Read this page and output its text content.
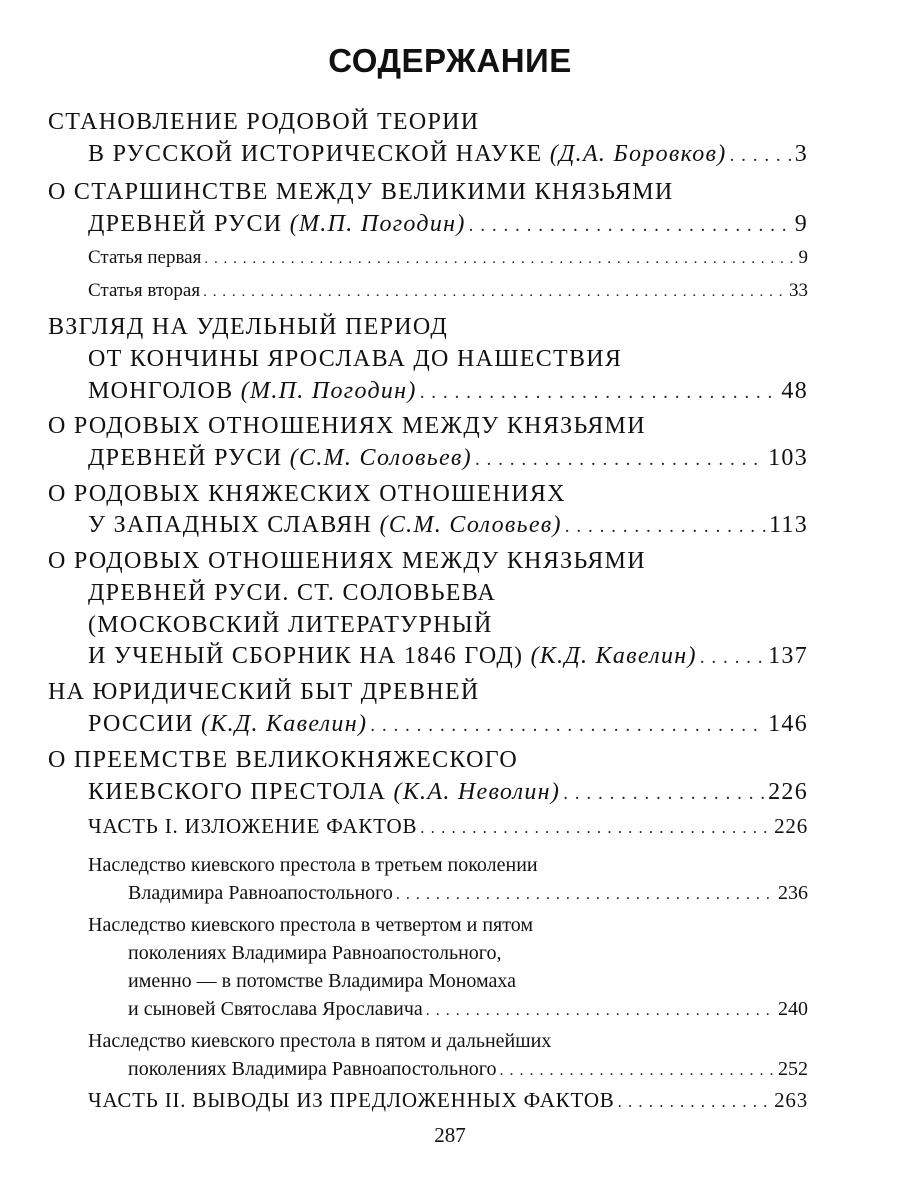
СОДЕРЖАНИЕ
СТАНОВЛЕНИЕ РОДОВОЙ ТЕОРИИ
В РУССКОЙ ИСТОРИЧЕСКОЙ НАУКЕ (Д.А. Боровков) . . .	3
О СТАРШИНСТВЕ МЕЖДУ ВЕЛИКИМИ КНЯЗЬЯМИ
ДРЕВНЕЙ РУСИ (М.П. Погодин) . . .	9
Статья первая . . .	9
Статья вторая . . .	33
ВЗГЛЯД НА УДЕЛЬНЫЙ ПЕРИОД
ОТ КОНЧИНЫ ЯРОСЛАВА ДО НАШЕСТВИЯ
МОНГОЛОВ (М.П. Погодин) . . .	48
О РОДОВЫХ ОТНОШЕНИЯХ МЕЖДУ КНЯЗЬЯМИ
ДРЕВНЕЙ РУСИ (С.М. Соловьев) . . .	103
О РОДОВЫХ КНЯЖЕСКИХ ОТНОШЕНИЯХ
У ЗАПАДНЫХ СЛАВЯН (С.М. Соловьев) . . .	113
О РОДОВЫХ ОТНОШЕНИЯХ МЕЖДУ КНЯЗЬЯМИ
ДРЕВНЕЙ РУСИ. СТ. СОЛОВЬЕВА
(МОСКОВСКИЙ ЛИТЕРАТУРНЫЙ
И УЧЕНЫЙ СБОРНИК НА 1846 ГОД) (К.Д. Кавелин) . . .	137
НА ЮРИДИЧЕСКИЙ БЫТ ДРЕВНЕЙ
РОССИИ (К.Д. Кавелин) . . .	146
О ПРЕЕМСТВЕ ВЕЛИКОКНЯЖЕСКОГО
КИЕВСКОГО ПРЕСТОЛА (К.А. Неволин) . . .	226
ЧАСТЬ I. ИЗЛОЖЕНИЕ ФАКТОВ . . .	226
Наследство киевского престола в третьем поколении
Владимира Равноапостольного . . .	236
Наследство киевского престола в четвертом и пятом
поколениях Владимира Равноапостольного,
именно — в потомстве Владимира Мономаха
и сыновей Святослава Ярославича . . .	240
Наследство киевского престола в пятом и дальнейших
поколениях Владимира Равноапостольного . . .	252
ЧАСТЬ II. ВЫВОДЫ ИЗ ПРЕДЛОЖЕННЫХ ФАКТОВ . . .	263
287
